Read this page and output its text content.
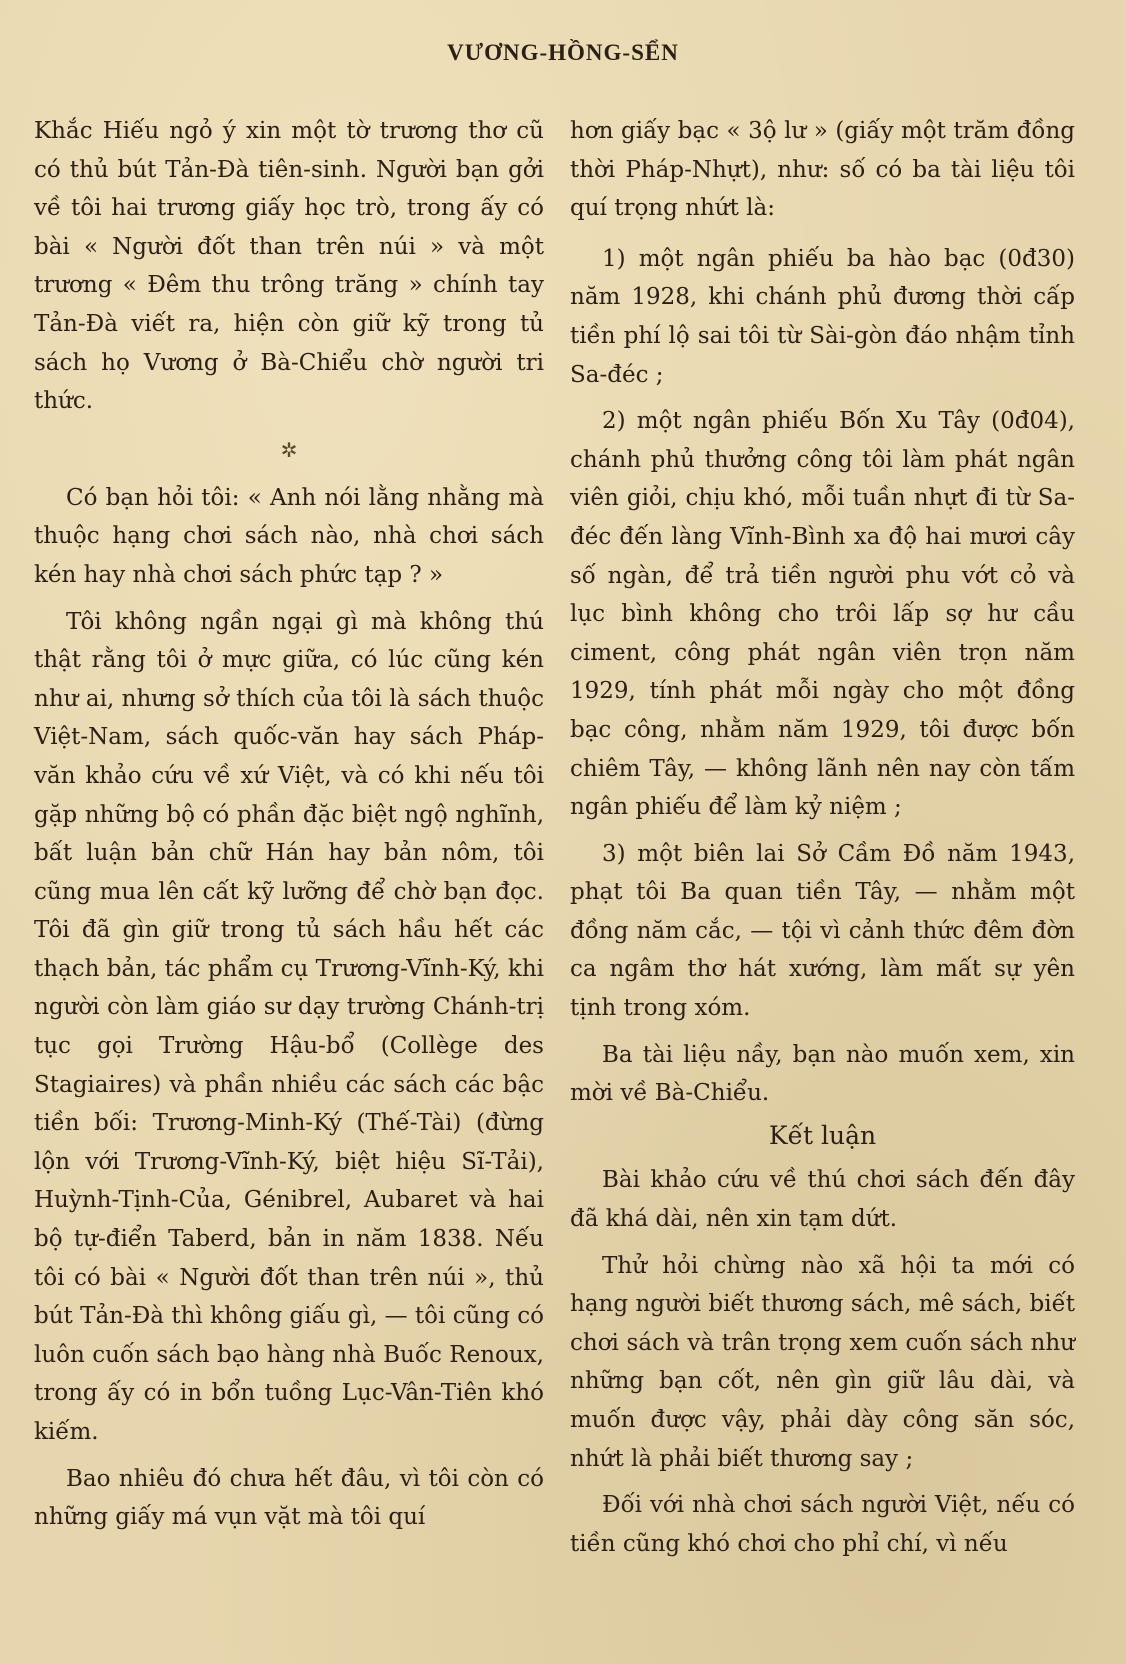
VƯƠNG-HỒNG-SỂN

Khắc Hiếu ngỏ ý xin một tờ trương thơ cũ có thủ bút Tản-Đà tiên-sinh. Người bạn gởi về tôi hai trương giấy học trò, trong ấy có bài « Người đốt than trên núi » và một trương « Đêm thu trông trăng » chính tay Tản-Đà viết ra, hiện còn giữ kỹ trong tủ sách họ Vương ở Bà-Chiểu chờ người tri thức.

✲

Có bạn hỏi tôi: « Anh nói lằng nhằng mà thuộc hạng chơi sách nào, nhà chơi sách kén hay nhà chơi sách phức tạp ? »

Tôi không ngần ngại gì mà không thú thật rằng tôi ở mực giữa, có lúc cũng kén như ai, nhưng sở thích của tôi là sách thuộc Việt-Nam, sách quốc-văn hay sách Pháp-văn khảo cứu về xứ Việt, và có khi nếu tôi gặp những bộ có phần đặc biệt ngộ nghĩnh, bất luận bản chữ Hán hay bản nôm, tôi cũng mua lên cất kỹ lưỡng để chờ bạn đọc. Tôi đã gìn giữ trong tủ sách hầu hết các thạch bản, tác phẩm cụ Trương-Vĩnh-Ký, khi người còn làm giáo sư dạy trường Chánh-trị tục gọi Trường Hậu-bổ (Collège des Stagiaires) và phần nhiều các sách các bậc tiền bối: Trương-Minh-Ký (Thế-Tài) (đừng lộn với Trương-Vĩnh-Ký, biệt hiệu Sĩ-Tải), Huỳnh-Tịnh-Của, Génibrel, Aubaret và hai bộ tự-điển Taberd, bản in năm 1838. Nếu tôi có bài « Người đốt than trên núi », thủ bút Tản-Đà thì không giấu gì, — tôi cũng có luôn cuốn sách bạo hàng nhà Buốc Renoux, trong ấy có in bổn tuồng Lục-Vân-Tiên khó kiếm.

Bao nhiêu đó chưa hết đâu, vì tôi còn có những giấy má vụn vặt mà tôi quí

hơn giấy bạc « 3ộ lư » (giấy một trăm đồng thời Pháp-Nhựt), như: số có ba tài liệu tôi quí trọng nhứt là:

1) một ngân phiếu ba hào bạc (0đ30) năm 1928, khi chánh phủ đương thời cấp tiền phí lộ sai tôi từ Sài-gòn đáo nhậm tỉnh Sa-đéc ;

2) một ngân phiếu Bốn Xu Tây (0đ04), chánh phủ thưởng công tôi làm phát ngân viên giỏi, chịu khó, mỗi tuần nhựt đi từ Sa-đéc đến làng Vĩnh-Bình xa độ hai mươi cây số ngàn, để trả tiền người phu vớt cỏ và lục bình không cho trôi lấp sợ hư cầu ciment, công phát ngân viên trọn năm 1929, tính phát mỗi ngày cho một đồng bạc công, nhằm năm 1929, tôi được bốn chiêm Tây, — không lãnh nên nay còn tấm ngân phiếu để làm kỷ niệm ;

3) một biên lai Sở Cầm Đồ năm 1943, phạt tôi Ba quan tiền Tây, — nhằm một đồng năm cắc, — tội vì cảnh thức đêm đờn ca ngâm thơ hát xướng, làm mất sự yên tịnh trong xóm.

Ba tài liệu nầy, bạn nào muốn xem, xin mời về Bà-Chiểu.

Kết luận

Bài khảo cứu về thú chơi sách đến đây đã khá dài, nên xin tạm dứt.

Thử hỏi chừng nào xã hội ta mới có hạng người biết thương sách, mê sách, biết chơi sách và trân trọng xem cuốn sách như những bạn cốt, nên gìn giữ lâu dài, và muốn được vậy, phải dày công săn sóc, nhứt là phải biết thương say ;

Đối với nhà chơi sách người Việt, nếu có tiền cũng khó chơi cho phỉ chí, vì nếu
